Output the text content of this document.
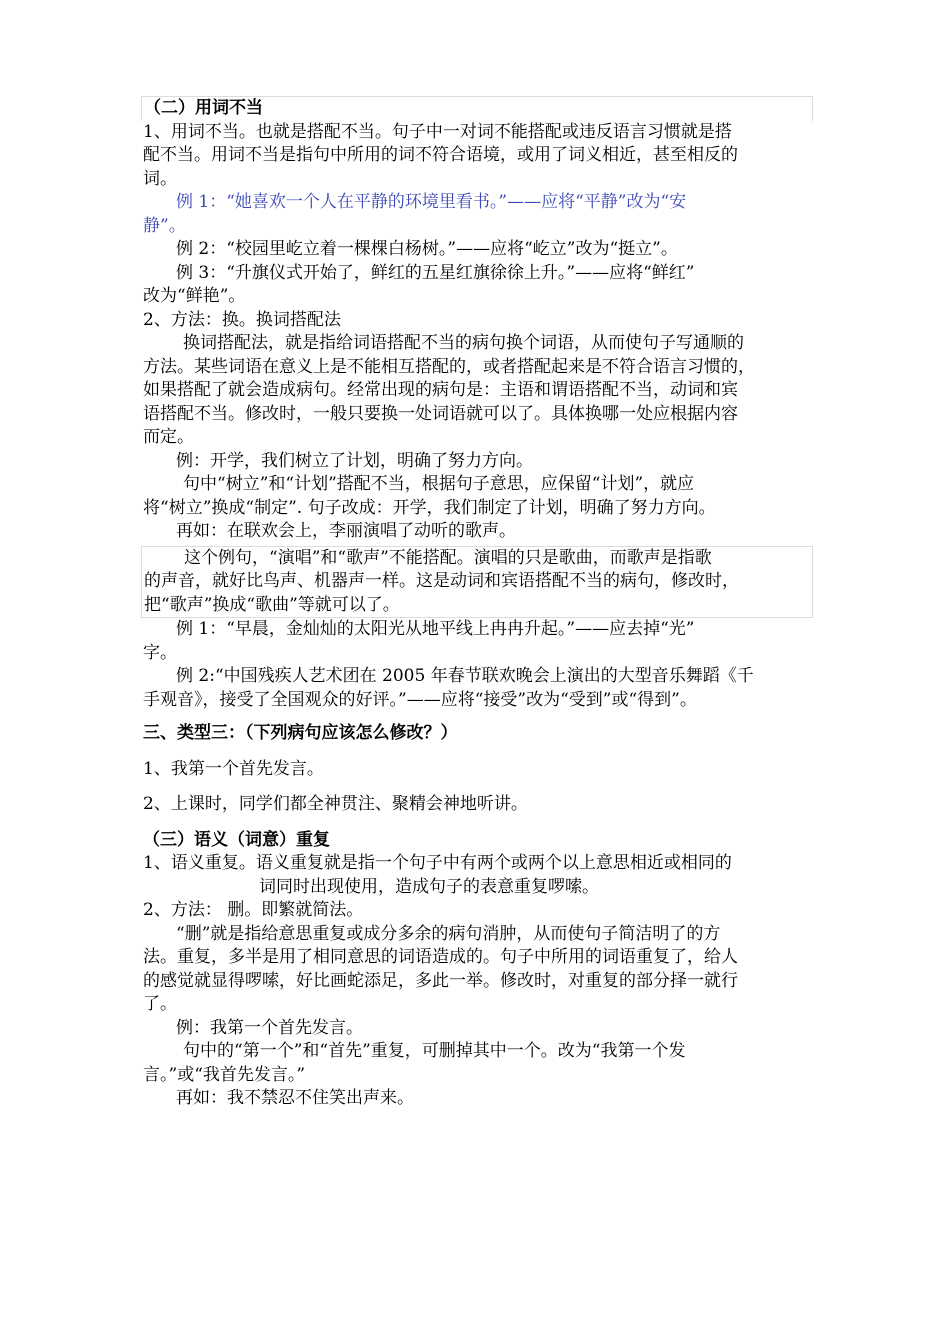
（二）用词不当
1、用词不当。也就是搭配不当。句子中一对词不能搭配或违反语言习惯就是搭
配不当。用词不当是指句中所用的词不符合语境，或用了词义相近，甚至相反的
词。
例 1：“她喜欢一个人在平静的环境里看书。”——应将“平静”改为“安
静”。
例 2：“校园里屹立着一棵棵白杨树。”——应将“屹立”改为“挺立”。
例 3：“升旗仪式开始了，鲜红的五星红旗徐徐上升。”——应将“鲜红”
改为“鲜艳”。
2、方法：换。换词搭配法
换词搭配法，就是指给词语搭配不当的病句换个词语，从而使句子写通顺的
方法。某些词语在意义上是不能相互搭配的，或者搭配起来是不符合语言习惯的，
如果搭配了就会造成病句。经常出现的病句是：主语和谓语搭配不当，动词和宾
语搭配不当。修改时，一般只要换一处词语就可以了。具体换哪一处应根据内容
而定。
例：开学，我们树立了计划，明确了努力方向。
句中“树立”和“计划”搭配不当，根据句子意思，应保留“计划”，就应
将“树立”换成“制定”. 句子改成：开学，我们制定了计划，明确了努力方向。
再如：在联欢会上，李丽演唱了动听的歌声。
这个例句，“演唱”和“歌声”不能搭配。演唱的只是歌曲，而歌声是指歌
的声音，就好比鸟声、机器声一样。这是动词和宾语搭配不当的病句，修改时，
把“歌声”换成“歌曲”等就可以了。
例 1：“早晨，金灿灿的太阳光从地平线上冉冉升起。”——应去掉“光”
字。
例 2:“中国残疾人艺术团在 2005 年春节联欢晚会上演出的大型音乐舞蹈《千
手观音》，接受了全国观众的好评。”——应将“接受”改为“受到”或“得到”。
三、类型三：（下列病句应该怎么修改？）
1、我第一个首先发言。
2、上课时，同学们都全神贯注、聚精会神地听讲。
（三）语义（词意）重复
1、语义重复。语义重复就是指一个句子中有两个或两个以上意思相近或相同的
词同时出现使用，造成句子的表意重复啰嗦。
2、方法： 删。即繁就简法。
“删”就是指给意思重复或成分多余的病句消肿，从而使句子简洁明了的方
法。重复，多半是用了相同意思的词语造成的。句子中所用的词语重复了，给人
的感觉就显得啰嗦，好比画蛇添足，多此一举。修改时，对重复的部分择一就行
了。
例：我第一个首先发言。
句中的“第一个”和“首先”重复，可删掉其中一个。改为“我第一个发
言。”或“我首先发言。”
再如：我不禁忍不住笑出声来。
